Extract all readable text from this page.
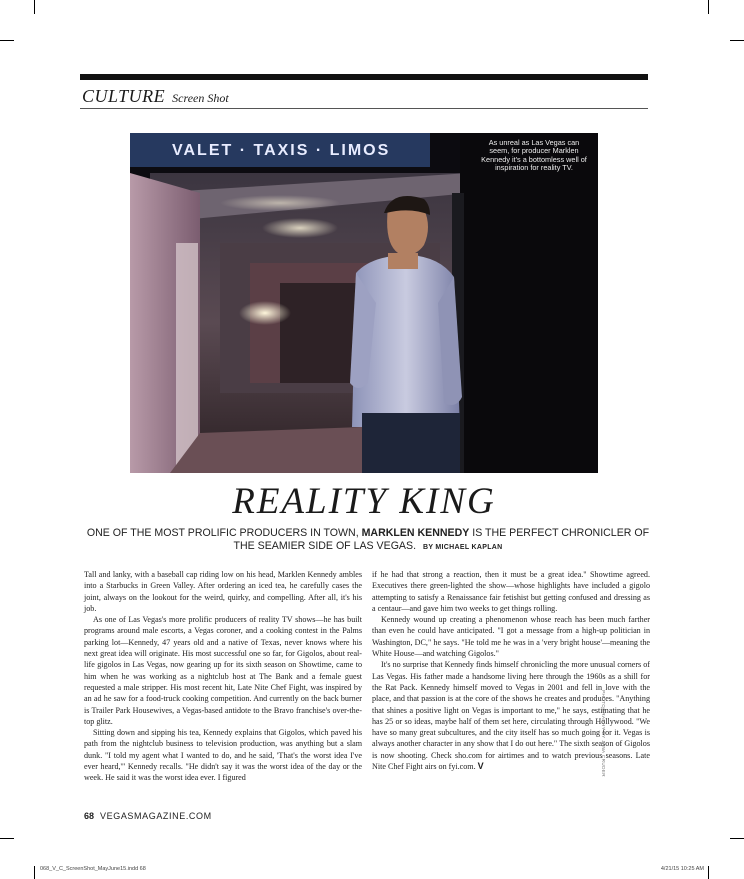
CULTURE Screen Shot
VALET · TAXIS · LIMOS	As unreal as Las Vegas can seem, for producer Marklen Kennedy it's a bottomless well of inspiration for reality TV.
REALITY KING
ONE OF THE MOST PROLIFIC PRODUCERS IN TOWN, MARKLEN KENNEDY IS THE PERFECT CHRONICLER OF THE SEAMIER SIDE OF LAS VEGAS. BY MICHAEL KAPLAN

Tall and lanky, with a baseball cap riding low on his head, Marklen Kennedy ambles into a Starbucks in Green Valley. After ordering an iced tea, he carefully cases the joint, always on the lookout for the weird, quirky, and compelling. After all, it's his job.

As one of Las Vegas's more prolific producers of reality TV shows—he has built programs around male escorts, a Vegas coroner, and a cooking contest in the Palms parking lot—Kennedy, 47 years old and a native of Texas, never knows where his next great idea will originate. His most successful one so far, for Gigolos, about real-life gigolos in Las Vegas, now gearing up for its sixth season on Showtime, came to him when he was working as a nightclub host at The Bank and a female guest requested a male stripper. His most recent hit, Late Nite Chef Fight, was inspired by an ad he saw for a food-truck cooking competition. And currently on the back burner is Trailer Park Housewives, a Vegas-based antidote to the Bravo franchise's over-the-top glitz.

Sitting down and sipping his tea, Kennedy explains that Gigolos, which paved his path from the nightclub business to television production, was anything but a slam dunk. "I told my agent what I wanted to do, and he said, 'That's the worst idea I've ever heard,'" Kennedy recalls. "He didn't say it was the worst idea of the day or the week. He said it was the worst idea ever. I figured

if he had that strong a reaction, then it must be a great idea." Showtime agreed. Executives there green-lighted the show—whose highlights have included a gigolo attempting to satisfy a Renaissance fair fetishist but getting confused and dressing as a centaur—and gave him two weeks to get things rolling.

Kennedy wound up creating a phenomenon whose reach has been much farther than even he could have anticipated. "I got a message from a high-up politician in Washington, DC," he says. "He told me he was in a 'very bright house'—meaning the White House—and watching Gigolos."

It's no surprise that Kennedy finds himself chronicling the more unusual corners of Las Vegas. His father made a handsome living here through the 1960s as a shill for the Rat Pack. Kennedy himself moved to Vegas in 2001 and fell in love with the place, and that passion is at the core of the shows he creates and produces. "Anything that shines a positive light on Vegas is important to me," he says, estimating that he has 25 or so ideas, maybe half of them set here, circulating through Hollywood. "We have so many great subcultures, and the city itself has so much going for it. Vegas is always another character in any show that I do out here." The sixth season of Gigolos is now shooting. Check sho.com for airtimes and to watch previous seasons. Late Nite Chef Fight airs on fyi.com. V

68 VEGASMAGAZINE.COM
PHOTOGRAPHY BY JANA CRUDER
068_V_C_ScreenShot_MayJune15.indd 68	4/21/15 10:25 AM
